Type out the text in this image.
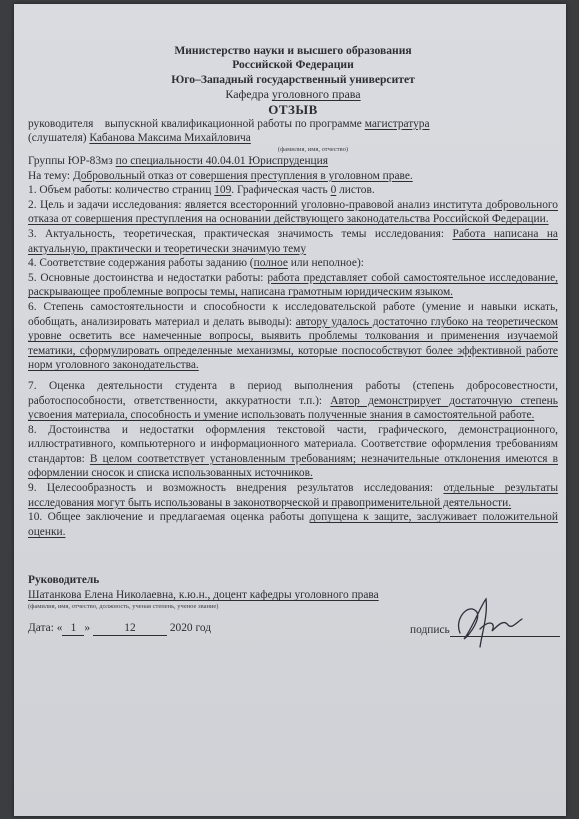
Министерство науки и высшего образования
Российской Федерации
Юго–Западный государственный университет
Кафедра уголовного права
ОТЗЫВ

руководителя выпускной квалификационной работы по программе магистратура

(слушателя) Кабанова Максима Михайловича

(фамилия, имя, отчество)

Группы ЮР-83мз по специальности 40.04.01 Юриспруденция

На тему: Добровольный отказ от совершения преступления в уголовном праве.

1. Объем работы: количество страниц 109. Графическая часть 0 листов.

2. Цель и задачи исследования: является всесторонний уголовно-правовой анализ института добровольного отказа от совершения преступления на основании действующего законодательства Российской Федерации.

3. Актуальность, теоретическая, практическая значимость темы исследования: Работа написана на актуальную, практически и теоретически значимую тему

4. Соответствие содержания работы заданию (полное или неполное):

5. Основные достоинства и недостатки работы: работа представляет собой самостоятельное исследование, раскрывающее проблемные вопросы темы, написана грамотным юридическим языком.

6. Степень самостоятельности и способности к исследовательской работе (умение и навыки искать, обобщать, анализировать материал и делать выводы): автору удалось достаточно глубоко на теоретическом уровне осветить все намеченные вопросы, выявить проблемы толкования и применения изучаемой тематики, сформулировать определенные механизмы, которые поспособствуют более эффективной работе норм уголовного законодательства.

7. Оценка деятельности студента в период выполнения работы (степень добросовестности, работоспособности, ответственности, аккуратности т.п.): Автор демонстрирует достаточную степень усвоения материала, способность и умение использовать полученные знания в самостоятельной работе.

8. Достоинства и недостатки оформления текстовой части, графического, демонстрационного, иллюстративного, компьютерного и информационного материала. Соответствие оформления требованиям стандартов: В целом соответствует установленным требованиям; незначительные отклонения имеются в оформлении сносок и списка использованных источников.

9. Целесообразность и возможность внедрения результатов исследования: отдельные результаты исследования могут быть использованы в законотворческой и правоприменительной деятельности.

10. Общее заключение и предлагаемая оценка работы допущена к защите, заслуживает положительной оценки.

Руководитель
Шатанкова Елена Николаевна, к.ю.н., доцент кафедры уголовного права
(фамилия, имя, отчество, должность, ученая степень, ученое звание)
Дата: « 1 »	12	2020 год	подпись
